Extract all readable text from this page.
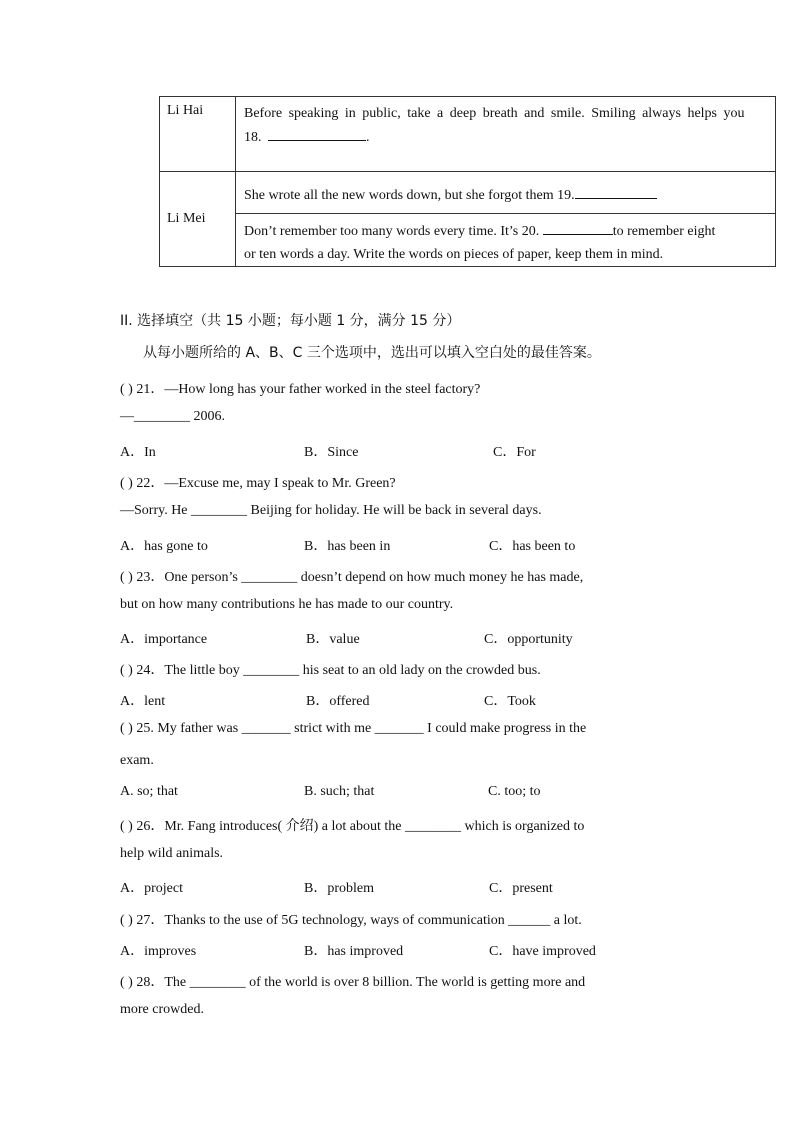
Li Hai	Before speaking in public, take a deep breath and smile. Smiling always helps you
18. .

Li Mei	She wrote all the new words down, but she forgot them 19.

	Don’t remember too many words every time. It’s 20. to remember eight
or ten words a day. Write the words on pieces of paper, keep them in mind.
II. 选择填空（共 15 小题；每小题 1 分，满分 15 分）
从每小题所给的 A、B、C 三个选项中，选出可以填入空白处的最佳答案。
( ) 21．—How long has your father worked in the steel factory?
—________ 2006.
A．In	B．Since	C．For
( ) 22．—Excuse me, may I speak to Mr. Green?
—Sorry. He ________ Beijing for holiday. He will be back in several days.
A．has gone to	B．has been in	C．has been to
( ) 23．One person’s ________ doesn’t depend on how much money he has made,
but on how many contributions he has made to our country.
A．importance	B．value	C．opportunity
( ) 24．The little boy ________ his seat to an old lady on the crowded bus.
A．lent	B．offered	C．Took
( ) 25. My father was _______ strict with me _______ I could make progress in the
exam.
A. so; that	B. such; that	C. too; to
( ) 26．Mr. Fang introduces( 介绍) a lot about the ________ which is organized to
help wild animals.
A．project	B．problem	C．present
( ) 27．Thanks to the use of 5G technology, ways of communication ______ a lot.
A．improves	B．has improved	C．have improved
( ) 28．The ________ of the world is over 8 billion. The world is getting more and
more crowded.
